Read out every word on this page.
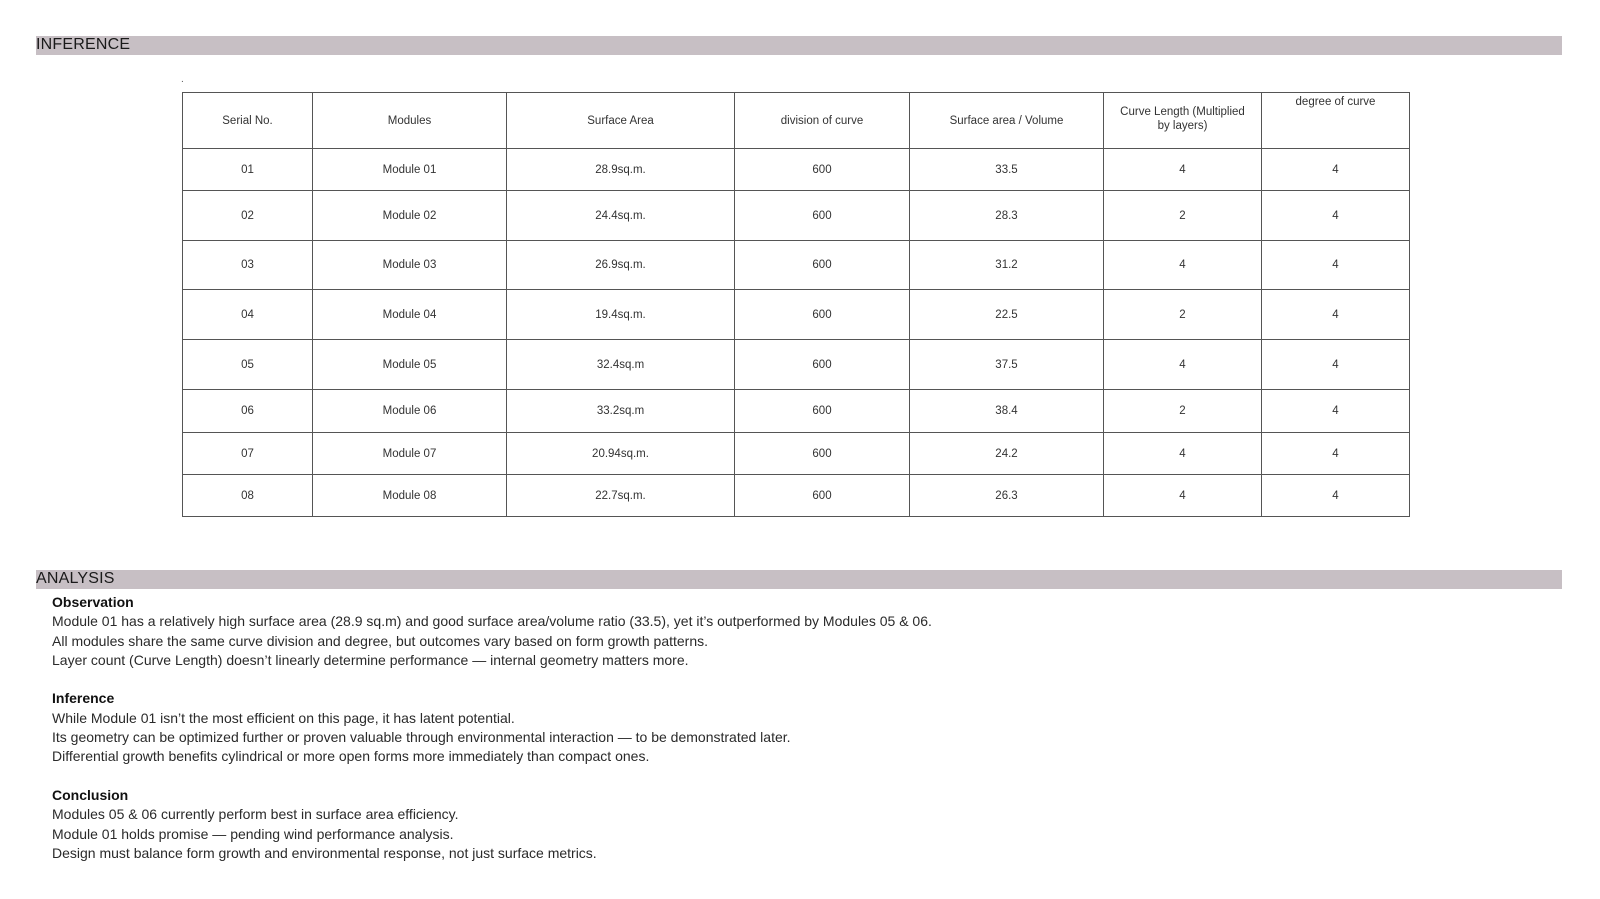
INFERENCE
.
Serial No.	Modules	Surface Area	division of curve	Surface area / Volume	Curve Length (Multiplied by layers)	degree of curve
01	Module 01	28.9sq.m.	600	33.5	4	4
02	Module 02	24.4sq.m.	600	28.3	2	4
03	Module 03	26.9sq.m.	600	31.2	4	4
04	Module 04	19.4sq.m.	600	22.5	2	4
05	Module 05	32.4sq.m	600	37.5	4	4
06	Module 06	33.2sq.m	600	38.4	2	4
07	Module 07	20.94sq.m.	600	24.2	4	4
08	Module 08	22.7sq.m.	600	26.3	4	4
ANALYSIS
Observation
Module 01 has a relatively high surface area (28.9 sq.m) and good surface area/volume ratio (33.5), yet it’s outperformed by Modules 05 & 06.
All modules share the same curve division and degree, but outcomes vary based on form growth patterns.
Layer count (Curve Length) doesn’t linearly determine performance — internal geometry matters more.
Inference
While Module 01 isn’t the most efficient on this page, it has latent potential.
Its geometry can be optimized further or proven valuable through environmental interaction — to be demonstrated later.
Differential growth benefits cylindrical or more open forms more immediately than compact ones.
Conclusion
Modules 05 & 06 currently perform best in surface area efficiency.
Module 01 holds promise — pending wind performance analysis.
Design must balance form growth and environmental response, not just surface metrics.
